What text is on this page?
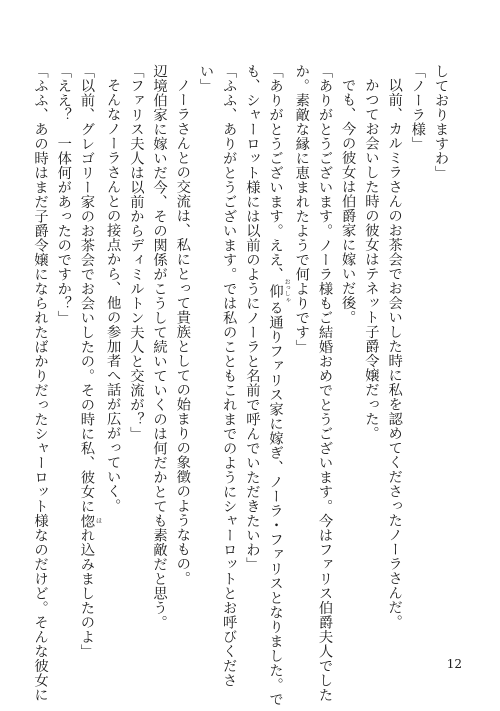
しておりますわ」
「ノーラ様」
以前、カルミラさんのお茶会でお会いした時に私を認めてくださったノーラさんだ。
かつてお会いした時の彼女はテネット子爵令嬢だった。
でも、今の彼女は伯爵家に嫁いだ後。
「ありがとうございます。ノーラ様もご結婚おめでとうございます。今はファリス伯爵夫人でした
か。素敵な縁に恵まれたようで何よりです」
「ありがとうございます。ええ、仰 おっしゃる通りファリス家に嫁ぎ、ノーラ・ファリスとなりました。で
も、シャーロット様には以前のようにノーラと名前で呼んでいただきたいわ」
「ふふ、ありがとうございます。では私のこともこれまでのようにシャーロットとお呼びくださ
い」
ノーラさんとの交流は、私にとって貴族としての始まりの象徴のようなもの。
辺境伯家に嫁いだ今、その関係がこうして続いていくのは何だかとても素敵だと思う。
「ファリス夫人は以前からディミルトン夫人と交流が？」
そんなノーラさんとの接点から、他の参加者へ話が広がっていく。
「以前、グレゴリー家のお茶会でお会いしたの。その時に私、彼女に惚 ほれ込みましたのよ」
「ええ？　一体何があったのですか？」
「ふふ、あの時はまだ子爵令嬢になられたばかりだったシャーロット様なのだけど。そんな彼女に	12
